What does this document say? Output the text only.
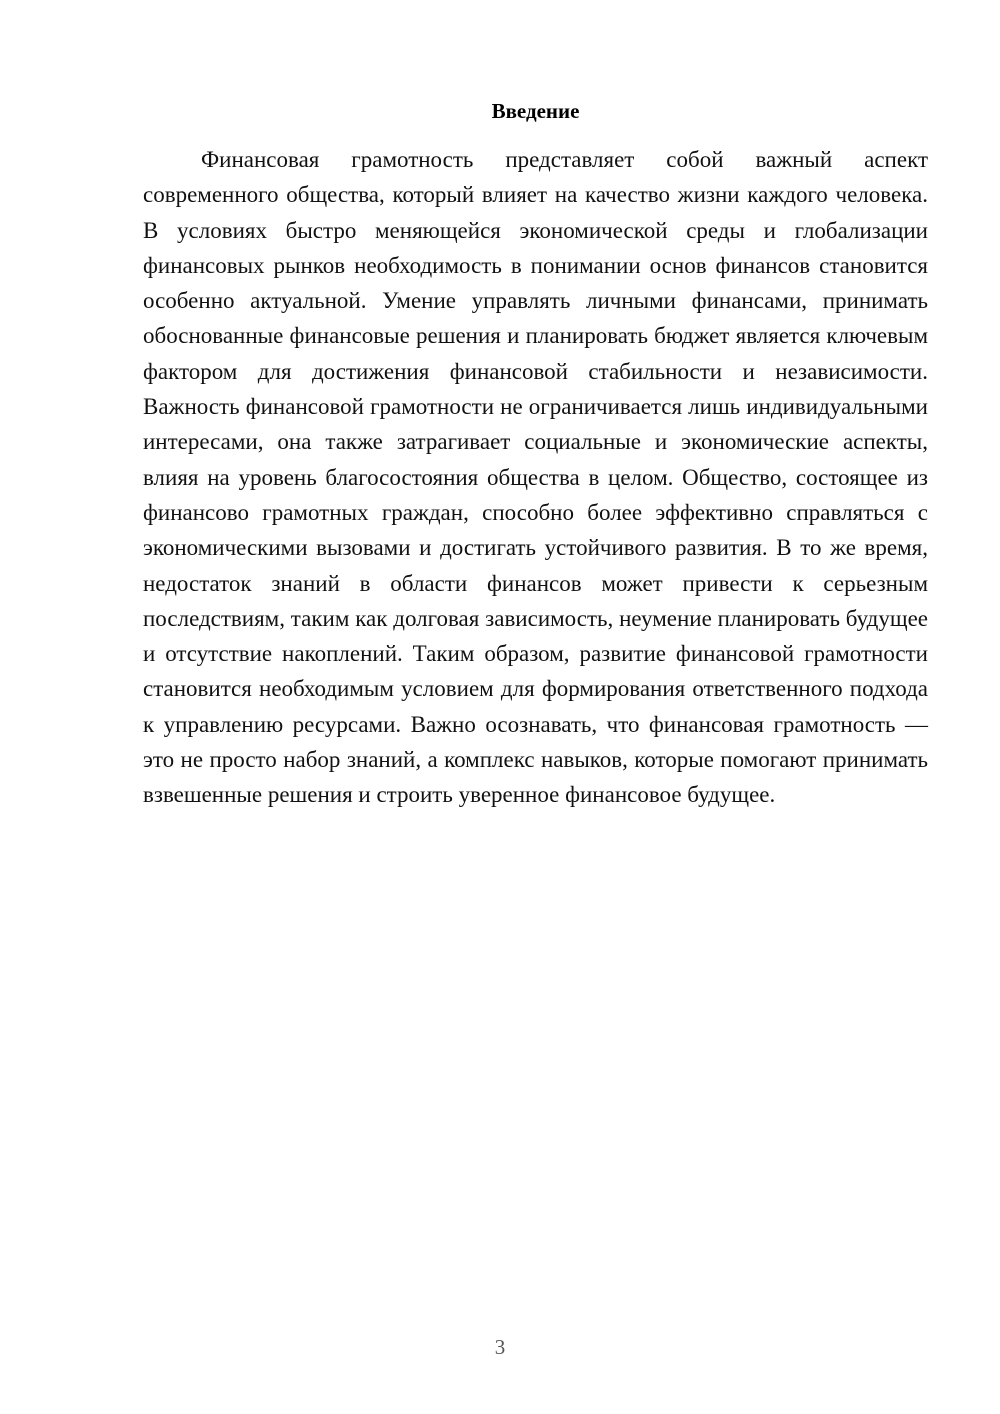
Введение

Финансовая грамотность представляет собой важный аспект современного общества, который влияет на качество жизни каждого человека. В условиях быстро меняющейся экономической среды и глобализации финансовых рынков необходимость в понимании основ финансов становится особенно актуальной. Умение управлять личными финансами, принимать обоснованные финансовые решения и планировать бюджет является ключевым фактором для достижения финансовой стабильности и независимости. Важность финансовой грамотности не ограничивается лишь индивидуальными интересами, она также затрагивает социальные и экономические аспекты, влияя на уровень благосостояния общества в целом. Общество, состоящее из финансово грамотных граждан, способно более эффективно справляться с экономическими вызовами и достигать устойчивого развития. В то же время, недостаток знаний в области финансов может привести к серьезным последствиям, таким как долговая зависимость, неумение планировать будущее и отсутствие накоплений. Таким образом, развитие финансовой грамотности становится необходимым условием для формирования ответственного подхода к управлению ресурсами. Важно осознавать, что финансовая грамотность — это не просто набор знаний, а комплекс навыков, которые помогают принимать взвешенные решения и строить уверенное финансовое будущее.

3
